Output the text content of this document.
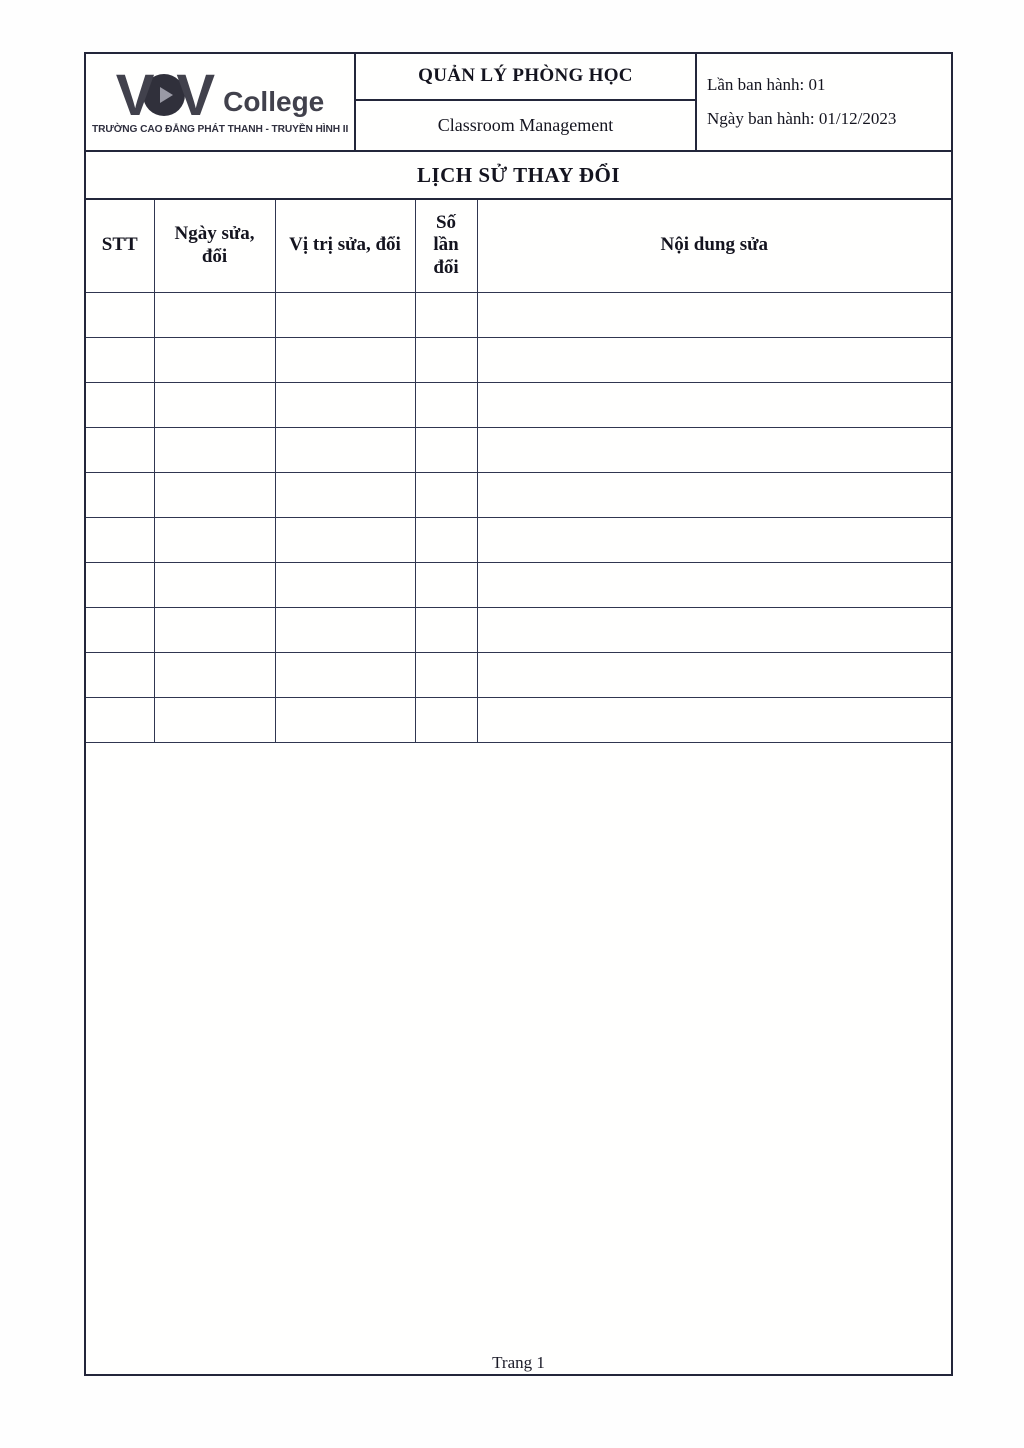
V V College
TRƯỜNG CAO ĐẲNG PHÁT THANH - TRUYỀN HÌNH II
QUẢN LÝ PHÒNG HỌC
Classroom Management
Lần ban hành: 01
Ngày ban hành: 01/12/2023
LỊCH SỬ THAY ĐỔI
STT	Ngày sửa, đổi	Vị trị sửa, đổi	Số lần đổi	Nội dung sửa

Trang 1
